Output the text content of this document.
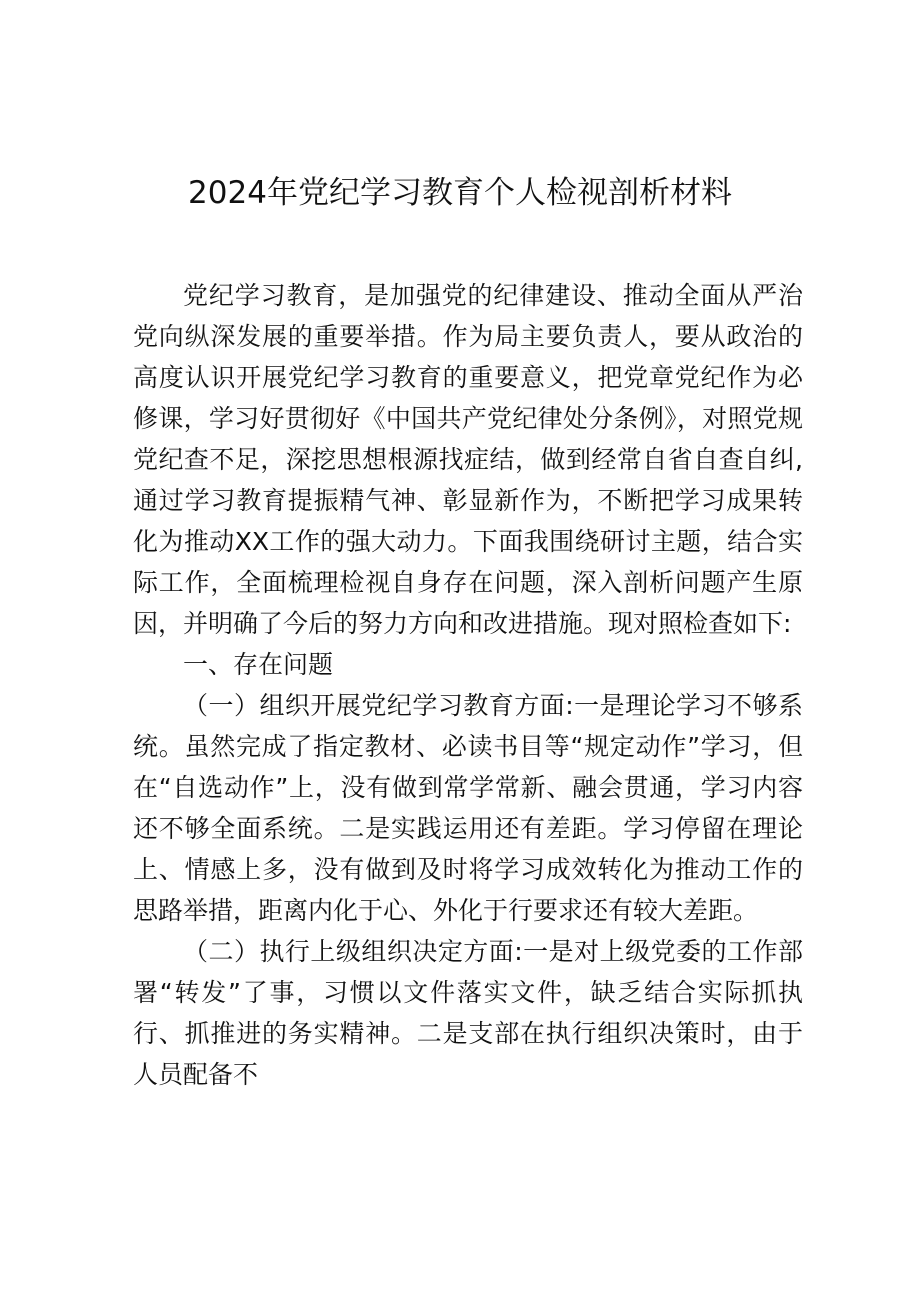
2024年党纪学习教育个人检视剖析材料

党纪学习教育，是加强党的纪律建设、推动全面从严治党向纵深发展的重要举措。作为局主要负责人，要从政治的高度认识开展党纪学习教育的重要意义，把党章党纪作为必修课，学习好贯彻好《中国共产党纪律处分条例》，对照党规党纪查不足，深挖思想根源找症结，做到经常自省自查自纠,通过学习教育提振精气神、彰显新作为，不断把学习成果转化为推动XX工作的强大动力。下面我围绕研讨主题，结合实际工作，全面梳理检视自身存在问题，深入剖析问题产生原因，并明确了今后的努力方向和改进措施。现对照检查如下:

一、存在问题

（一）组织开展党纪学习教育方面:一是理论学习不够系统。虽然完成了指定教材、必读书目等“规定动作”学习，但在“自选动作”上，没有做到常学常新、融会贯通，学习内容还不够全面系统。二是实践运用还有差距。学习停留在理论上、情感上多，没有做到及时将学习成效转化为推动工作的思路举措，距离内化于心、外化于行要求还有较大差距。

（二）执行上级组织决定方面:一是对上级党委的工作部署“转发”了事，习惯以文件落实文件，缺乏结合实际抓执行、抓推进的务实精神。二是支部在执行组织决策时，由于人员配备不
